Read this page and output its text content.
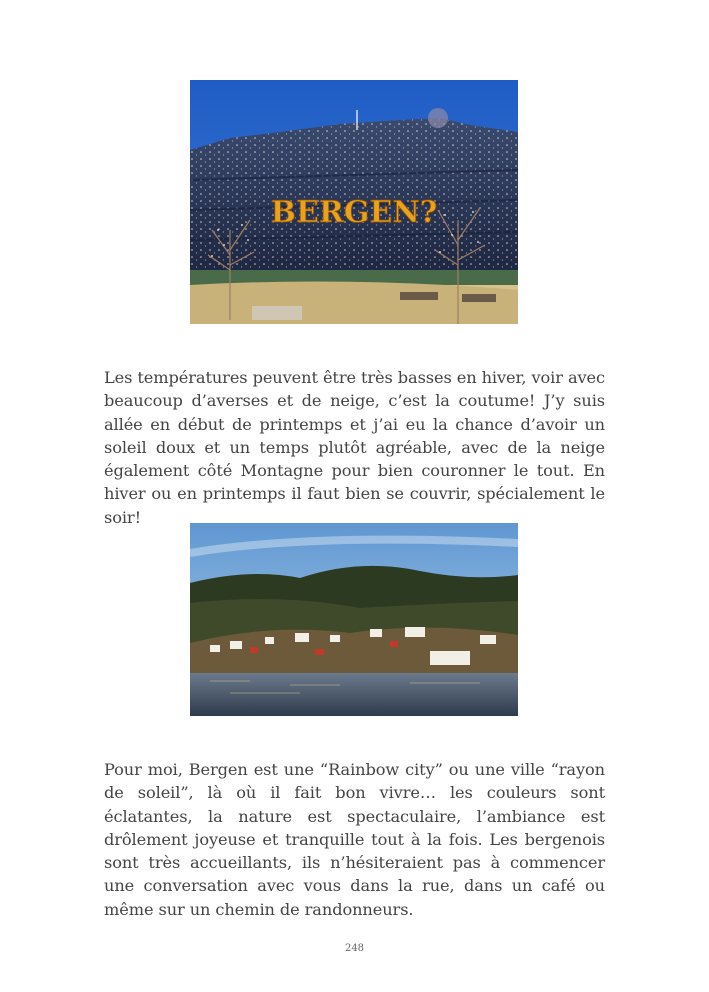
BERGEN?

Les températures peuvent être très basses en hiver, voir avec beaucoup d’averses et de neige, c’est la coutume! J’y suis allée en début de printemps et j’ai eu la chance d’avoir un soleil doux et un temps plutôt agréable, avec de la neige également côté Montagne pour bien couronner le tout. En hiver ou en printemps il faut bien se couvrir, spécialement le soir!

Pour moi, Bergen est une “Rainbow city” ou une ville “rayon de soleil”, là où il fait bon vivre… les couleurs sont éclatantes, la nature est spectaculaire, l’ambiance est drôlement joyeuse et tranquille tout à la fois. Les bergenois sont très accueillants, ils n’hésiteraient pas à commencer une conversation avec vous dans la rue, dans un café ou même sur un chemin de randonneurs.

248
